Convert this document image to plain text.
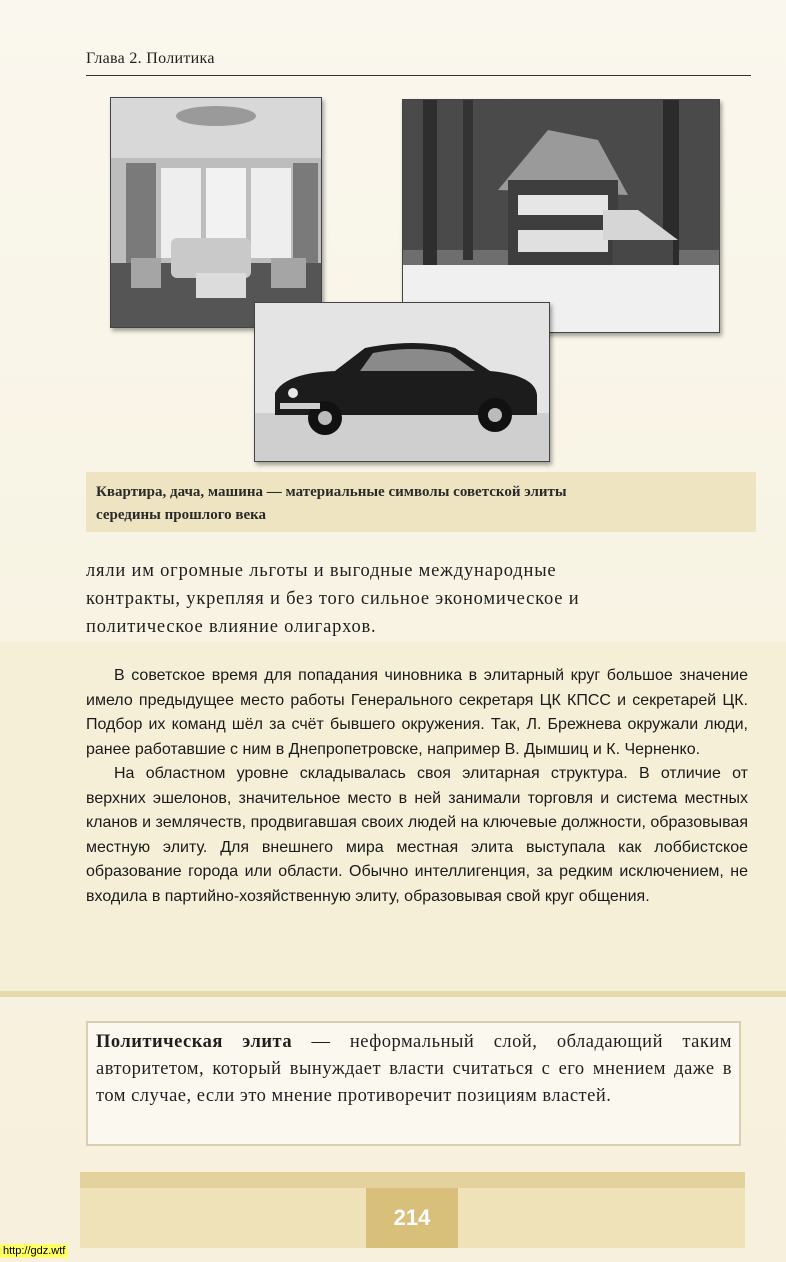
Глава 2. Политика
Квартира, дача, машина — материальные символы советской элиты
середины прошлого века
ляли им огромные льготы и выгодные международные
контракты, укрепляя и без того сильное экономическое и
политическое влияние олигархов.

В советское время для попадания чиновника в элитарный круг большое значение имело предыдущее место работы Генерального секретаря ЦК КПСС и секретарей ЦК. Подбор их команд шёл за счёт бывшего окружения. Так, Л. Брежнева окружали люди, ранее работавшие с ним в Днепропетровске, например В. Дымшиц и К. Черненко.

На областном уровне складывалась своя элитарная структура. В отличие от верхних эшелонов, значительное место в ней занимали торговля и система местных кланов и землячеств, продвигавшая своих людей на ключевые должности, образовывая местную элиту. Для внешнего мира местная элита выступала как лоббистское образование города или области. Обычно интеллигенция, за редким исключением, не входила в партийно-хозяйственную элиту, образовывая свой круг общения.

Политическая элита — неформальный слой, обладающий таким авторитетом, который вынуждает власти считаться с его мнением даже в том случае, если это мнение противоречит позициям властей.
214
http://gdz.wtf
